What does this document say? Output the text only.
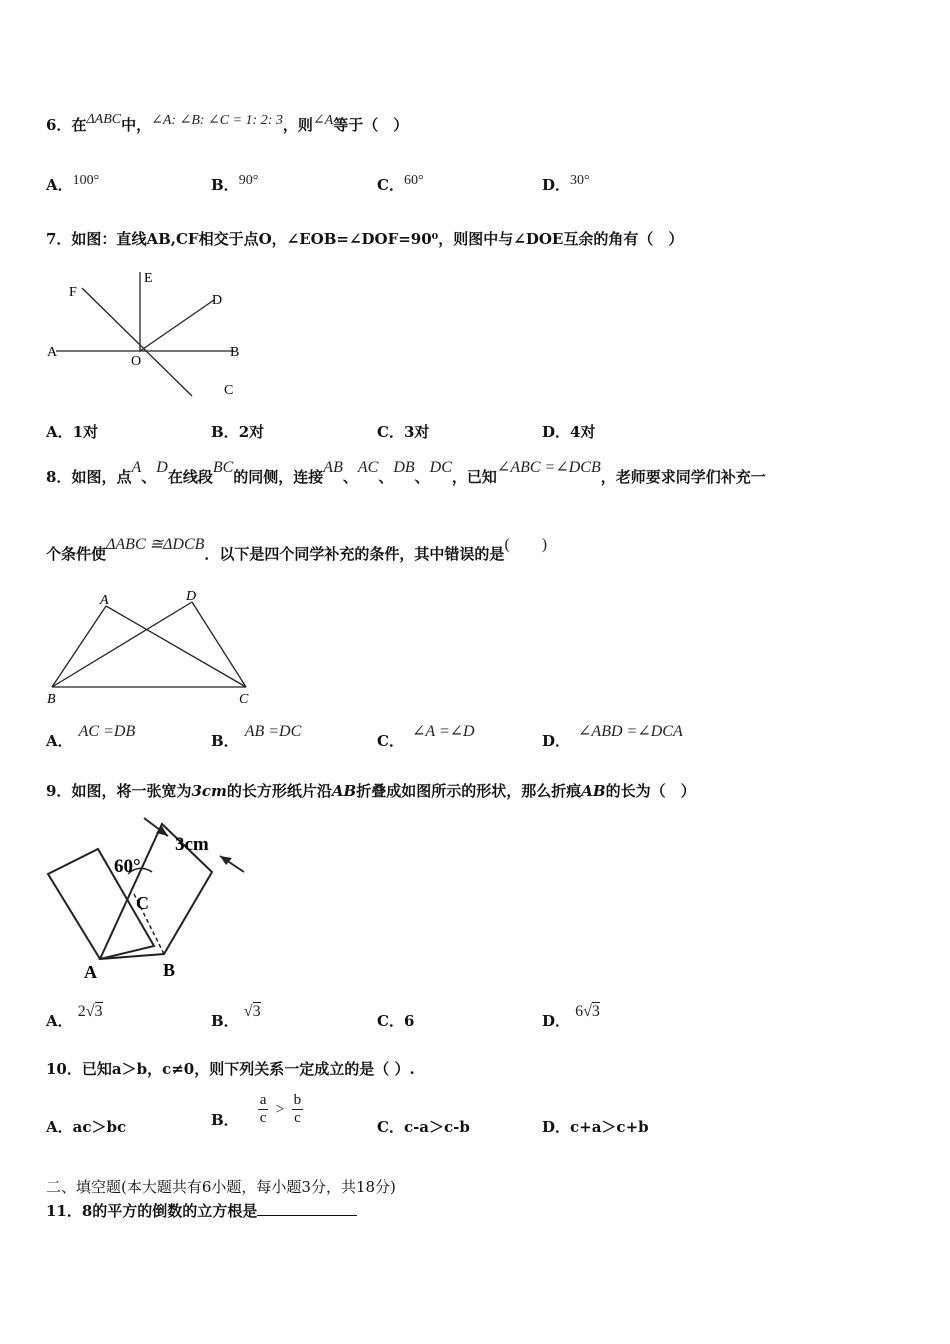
6．在ΔABC中，∠A: ∠B: ∠C = 1: 2: 3，则∠A等于（　）
A．100°	B．90°	C．60°	D．30°
7．如图：直线AB,CF相交于点O，∠EOB=∠DOF=90⁰，则图中与∠DOE互余的角有（　）
F
E
D
A
O
B
C
A．1对	B．2对	C．3对	D．4对
8．如图，点A、D在线段BC的同侧，连接AB、AC、DB、DC，已知∠ABC =∠DCB，老师要求同学们补充一
个条件使ΔABC ≅ΔDCB．以下是四个同学补充的条件，其中错误的是(　　)
A	D
B	C
A．AC =DB
B．AB =DC
C．∠A =∠D
D．∠ABD =∠DCA
9．如图，将一张宽为3cm的长方形纸片沿AB折叠成如图所示的形状，那么折痕AB的长为（　）
3cm
60°
C
A	B
A． 2√3
B． √3
C．6	D． 6√3
10．已知a＞b，c≠0，则下列关系一定成立的是（ ）.
A．ac＞bc	B． $\frac{a}{c} > \frac{b}{c}$	C．c-a＞c-b	D．c+a＞c+b
二、填空题(本大题共有6小题，每小题3分，共18分)
11．8的平方的倒数的立方根是
